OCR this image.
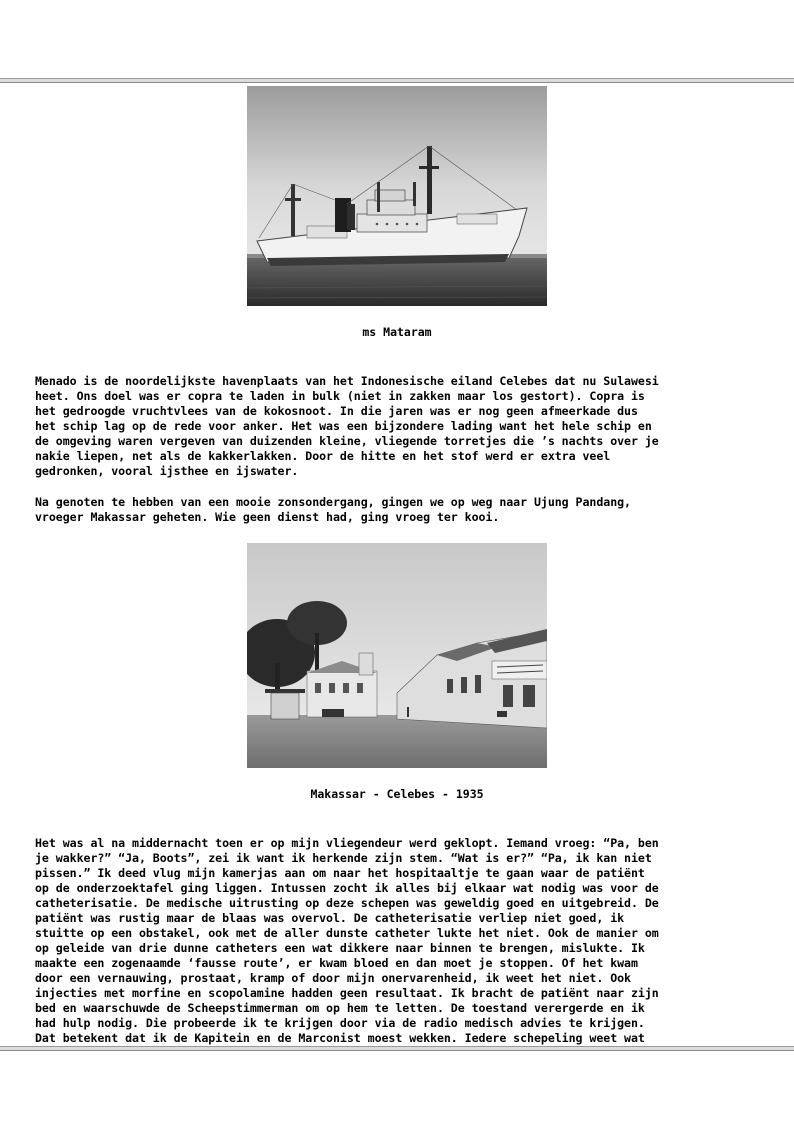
ms Mataram

Menado is de noordelijkste havenplaats van het Indonesische eiland Celebes dat nu Sulawesi
heet. Ons doel was er copra te laden in bulk (niet in zakken maar los gestort). Copra is
het gedroogde vruchtvlees van de kokosnoot. In die jaren was er nog geen afmeerkade dus
het schip lag op de rede voor anker. Het was een bijzondere lading want het hele schip en
de omgeving waren vergeven van duizenden kleine, vliegende torretjes die ’s nachts over je
nakie liepen, net als de kakkerlakken. Door de hitte en het stof werd er extra veel
gedronken, vooral ijsthee en ijswater.

Na genoten te hebben van een mooie zonsondergang, gingen we op weg naar Ujung Pandang,
vroeger Makassar geheten. Wie geen dienst had, ging vroeg ter kooi.

Makassar - Celebes - 1935

Het was al na middernacht toen er op mijn vliegendeur werd geklopt. Iemand vroeg: “Pa, ben
je wakker?” “Ja, Boots”, zei ik want ik herkende zijn stem. “Wat is er?” “Pa, ik kan niet
pissen.” Ik deed vlug mijn kamerjas aan om naar het hospitaaltje te gaan waar de patiënt
op de onderzoektafel ging liggen. Intussen zocht ik alles bij elkaar wat nodig was voor de
catheterisatie. De medische uitrusting op deze schepen was geweldig goed en uitgebreid. De
patiënt was rustig maar de blaas was overvol. De catheterisatie verliep niet goed, ik
stuitte op een obstakel, ook met de aller dunste catheter lukte het niet. Ook de manier om
op geleide van drie dunne catheters een wat dikkere naar binnen te brengen, mislukte. Ik
maakte een zogenaamde ‘fausse route’, er kwam bloed en dan moet je stoppen. Of het kwam
door een vernauwing, prostaat, kramp of door mijn onervarenheid, ik weet het niet. Ook
injecties met morfine en scopolamine hadden geen resultaat. Ik bracht de patiënt naar zijn
bed en waarschuwde de Scheepstimmerman om op hem te letten. De toestand verergerde en ik
had hulp nodig. Die probeerde ik te krijgen door via de radio medisch advies te krijgen.
Dat betekent dat ik de Kapitein en de Marconist moest wekken. Iedere schepeling weet wat
